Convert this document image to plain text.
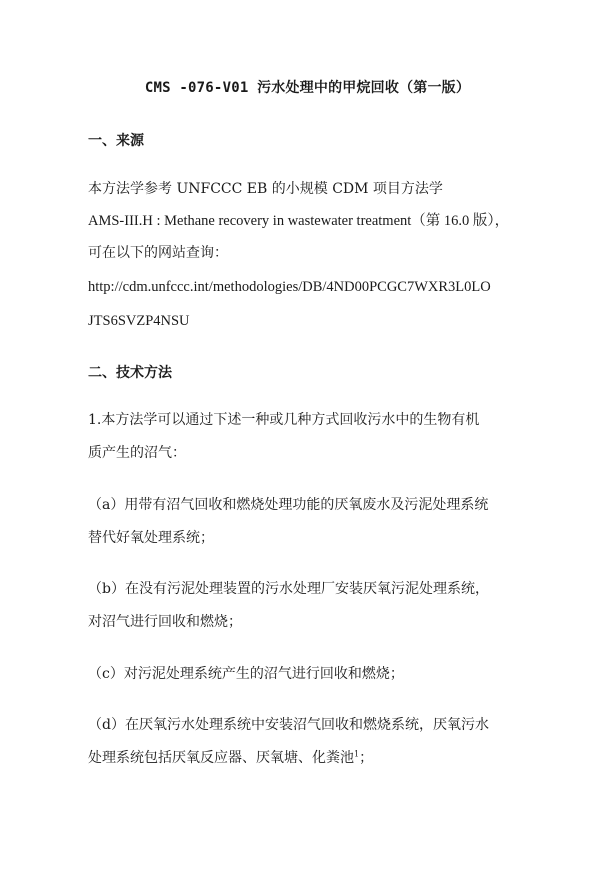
CMS -076-V01 污水处理中的甲烷回收（第一版）
一、来源
本方法学参考 UNFCCC EB 的小规模 CDM 项目方法学
AMS-III.H : Methane recovery in wastewater treatment（第 16.0 版），
可在以下的网站查询：
http://cdm.unfccc.int/methodologies/DB/4ND00PCGC7WXR3L0LO
JTS6SVZP4NSU
二、技术方法
1.本方法学可以通过下述一种或几种方式回收污水中的生物有机
质产生的沼气：
（a）用带有沼气回收和燃烧处理功能的厌氧废水及污泥处理系统
替代好氧处理系统；
（b）在没有污泥处理装置的污水处理厂安装厌氧污泥处理系统，
对沼气进行回收和燃烧；
（c）对污泥处理系统产生的沼气进行回收和燃烧；
（d）在厌氧污水处理系统中安装沼气回收和燃烧系统，厌氧污水
处理系统包括厌氧反应器、厌氧塘、化粪池$^1$；
